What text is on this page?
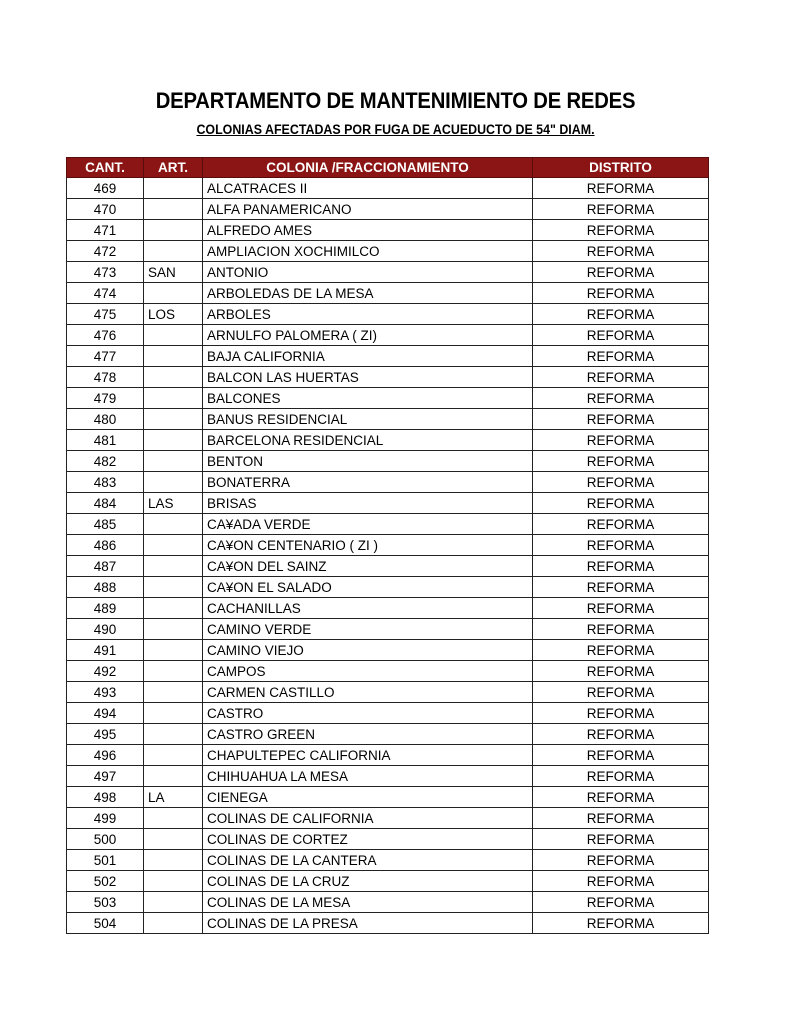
DEPARTAMENTO DE MANTENIMIENTO DE REDES
COLONIAS AFECTADAS POR FUGA DE ACUEDUCTO DE 54" DIAM.
CANT.	ART.	COLONIA /FRACCIONAMIENTO	DISTRITO
469		ALCATRACES II	REFORMA
470		ALFA PANAMERICANO	REFORMA
471		ALFREDO AMES	REFORMA
472		AMPLIACION XOCHIMILCO	REFORMA
473	SAN	ANTONIO	REFORMA
474		ARBOLEDAS DE LA MESA	REFORMA
475	LOS	ARBOLES	REFORMA
476		ARNULFO PALOMERA ( ZI)	REFORMA
477		BAJA CALIFORNIA	REFORMA
478		BALCON LAS HUERTAS	REFORMA
479		BALCONES	REFORMA
480		BANUS RESIDENCIAL	REFORMA
481		BARCELONA RESIDENCIAL	REFORMA
482		BENTON	REFORMA
483		BONATERRA	REFORMA
484	LAS	BRISAS	REFORMA
485		CA¥ADA VERDE	REFORMA
486		CA¥ON CENTENARIO ( ZI )	REFORMA
487		CA¥ON DEL SAINZ	REFORMA
488		CA¥ON EL SALADO	REFORMA
489		CACHANILLAS	REFORMA
490		CAMINO VERDE	REFORMA
491		CAMINO VIEJO	REFORMA
492		CAMPOS	REFORMA
493		CARMEN CASTILLO	REFORMA
494		CASTRO	REFORMA
495		CASTRO GREEN	REFORMA
496		CHAPULTEPEC CALIFORNIA	REFORMA
497		CHIHUAHUA LA MESA	REFORMA
498	LA	CIENEGA	REFORMA
499		COLINAS DE CALIFORNIA	REFORMA
500		COLINAS DE CORTEZ	REFORMA
501		COLINAS DE LA CANTERA	REFORMA
502		COLINAS DE LA CRUZ	REFORMA
503		COLINAS DE LA MESA	REFORMA
504		COLINAS DE LA PRESA	REFORMA
